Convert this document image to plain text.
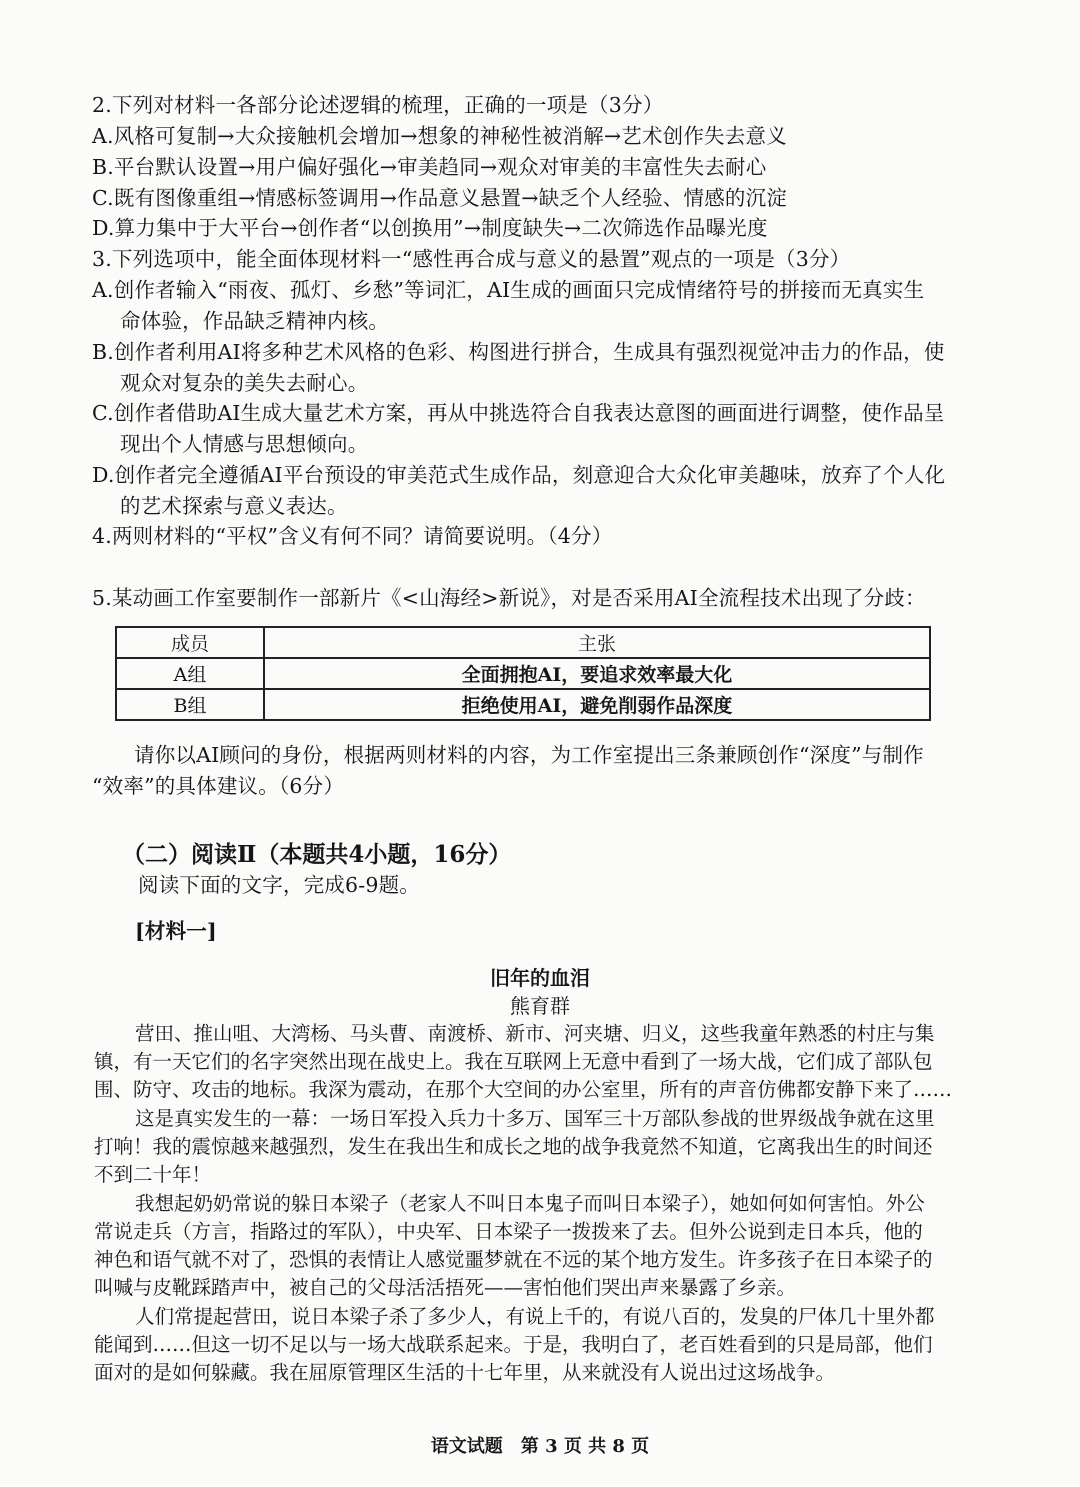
2.下列对材料一各部分论述逻辑的梳理，正确的一项是（3分）
A.风格可复制→大众接触机会增加→想象的神秘性被消解→艺术创作失去意义
B.平台默认设置→用户偏好强化→审美趋同→观众对审美的丰富性失去耐心
C.既有图像重组→情感标签调用→作品意义悬置→缺乏个人经验、情感的沉淀
D.算力集中于大平台→创作者“以创换用”→制度缺失→二次筛选作品曝光度
3.下列选项中，能全面体现材料一“感性再合成与意义的悬置”观点的一项是（3分）
A.创作者输入“雨夜、孤灯、乡愁”等词汇，AI生成的画面只完成情绪符号的拼接而无真实生
命体验，作品缺乏精神内核。
B.创作者利用AI将多种艺术风格的色彩、构图进行拼合，生成具有强烈视觉冲击力的作品，使
观众对复杂的美失去耐心。
C.创作者借助AI生成大量艺术方案，再从中挑选符合自我表达意图的画面进行调整，使作品呈
现出个人情感与思想倾向。
D.创作者完全遵循AI平台预设的审美范式生成作品，刻意迎合大众化审美趣味，放弃了个人化
的艺术探索与意义表达。
4.两则材料的“平权”含义有何不同？请简要说明。（4分）
5.某动画工作室要制作一部新片《<山海经>新说》，对是否采用AI全流程技术出现了分歧：
成员	主张
A组	全面拥抱AI，要追求效率最大化
B组	拒绝使用AI，避免削弱作品深度
请你以AI顾问的身份，根据两则材料的内容，为工作室提出三条兼顾创作“深度”与制作
“效率”的具体建议。（6分）
（二）阅读Ⅱ（本题共4小题，16分）
阅读下面的文字，完成6-9题。
[材料一]
旧年的血泪
熊育群
营田、推山咀、大湾杨、马头曹、南渡桥、新市、河夹塘、归义，这些我童年熟悉的村庄与集
镇，有一天它们的名字突然出现在战史上。我在互联网上无意中看到了一场大战，它们成了部队包
围、防守、攻击的地标。我深为震动，在那个大空间的办公室里，所有的声音仿佛都安静下来了……
这是真实发生的一幕：一场日军投入兵力十多万、国军三十万部队参战的世界级战争就在这里
打响！我的震惊越来越强烈，发生在我出生和成长之地的战争我竟然不知道，它离我出生的时间还
不到二十年！
我想起奶奶常说的躲日本梁子（老家人不叫日本鬼子而叫日本梁子），她如何如何害怕。外公
常说走兵（方言，指路过的军队），中央军、日本梁子一拨拨来了去。但外公说到走日本兵，他的
神色和语气就不对了，恐惧的表情让人感觉噩梦就在不远的某个地方发生。许多孩子在日本梁子的
叫喊与皮靴踩踏声中，被自己的父母活活捂死——害怕他们哭出声来暴露了乡亲。
人们常提起营田，说日本梁子杀了多少人，有说上千的，有说八百的，发臭的尸体几十里外都
能闻到……但这一切不足以与一场大战联系起来。于是，我明白了，老百姓看到的只是局部，他们
面对的是如何躲藏。我在屈原管理区生活的十七年里，从来就没有人说出过这场战争。
语文试题　第 3 页 共 8 页
